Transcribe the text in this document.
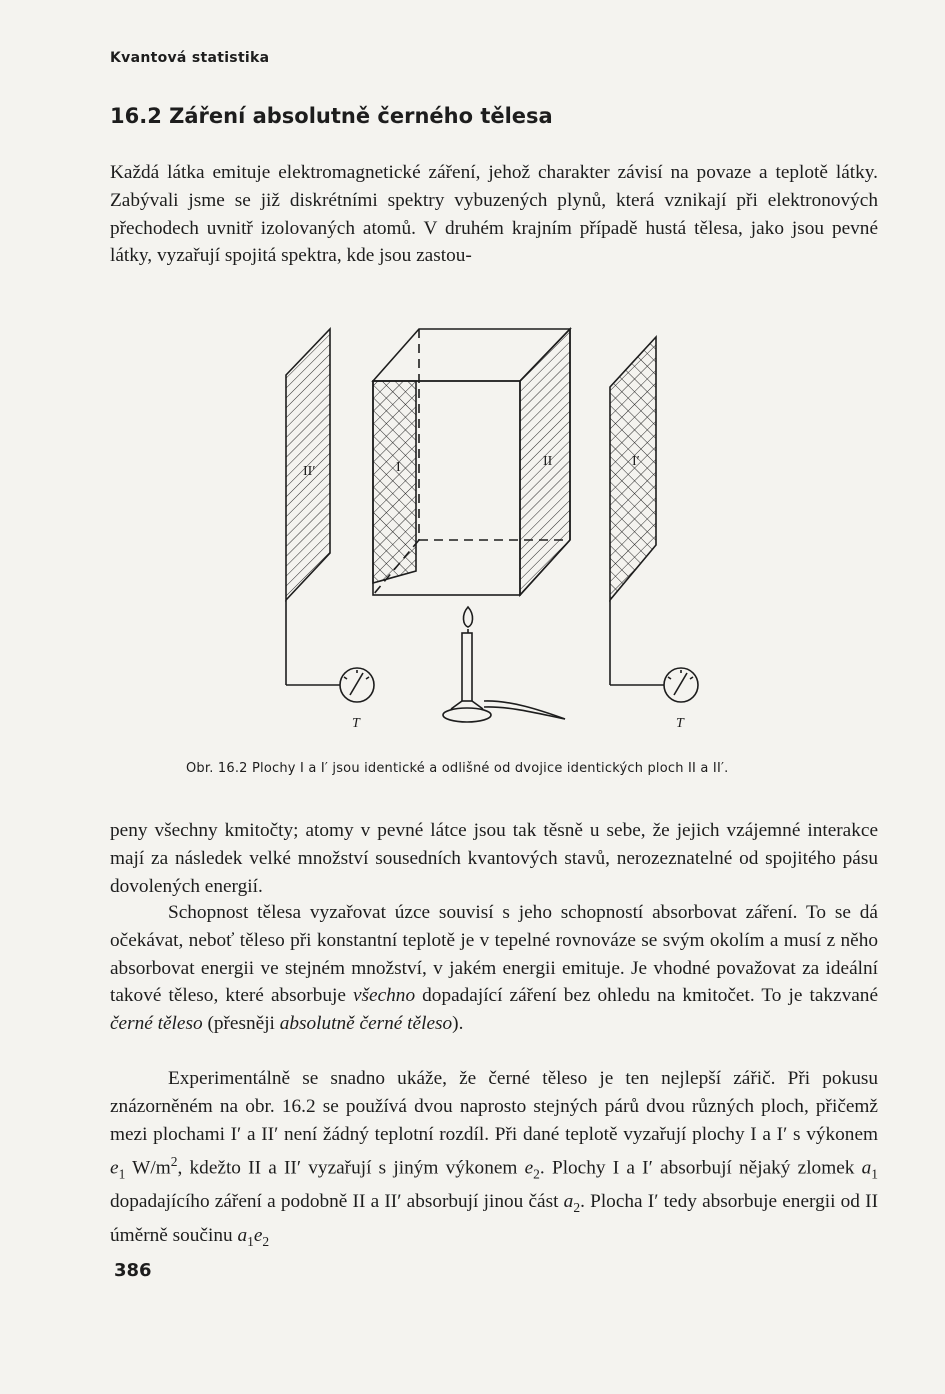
Kvantová statistika
16.2 Záření absolutně černého tělesa

Každá látka emituje elektromagnetické záření, jehož charakter závisí na povaze a teplotě látky. Zabývali jsme se již diskrétními spektry vybuzených plynů, která vznikají při elektronových přechodech uvnitř izolovaných atomů. V druhém krajním případě hustá tělesa, jako jsou pevné látky, vyzařují spojitá spektra, kde jsou zastou-

II′	I	II	I′
T	T
Obr. 16.2 Plochy I a I′ jsou identické a odlišné od dvojice identických ploch II a II′.

peny všechny kmitočty; atomy v pevné látce jsou tak těsně u sebe, že jejich vzájemné interakce mají za následek velké množství sousedních kvantových stavů, nerozeznatelné od spojitého pásu dovolených energií.

Schopnost tělesa vyzařovat úzce souvisí s jeho schopností absorbovat záření. To se dá očekávat, neboť těleso při konstantní teplotě je v tepelné rovnováze se svým okolím a musí z něho absorbovat energii ve stejném množství, v jakém energii emituje. Je vhodné považovat za ideální takové těleso, které absorbuje všechno dopadající záření bez ohledu na kmitočet. To je takzvané černé těleso (přesněji absolutně černé těleso).

Experimentálně se snadno ukáže, že černé těleso je ten nejlepší zářič. Při pokusu znázorněném na obr. 16.2 se používá dvou naprosto stejných párů dvou různých ploch, přičemž mezi plochami I′ a II′ není žádný teplotní rozdíl. Při dané teplotě vyzařují plochy I a I′ s výkonem $e_1$ $W/m^2$, kdežto II a II′ vyzařují s jiným výkonem $e_2$. Plochy I a I′ absorbují nějaký zlomek $a_1$ dopadajícího záření a podobně II a II′ absorbují jinou část $a_2$. Plocha I′ tedy absorbuje energii od II úměrně součinu $a_1e_2$

386
